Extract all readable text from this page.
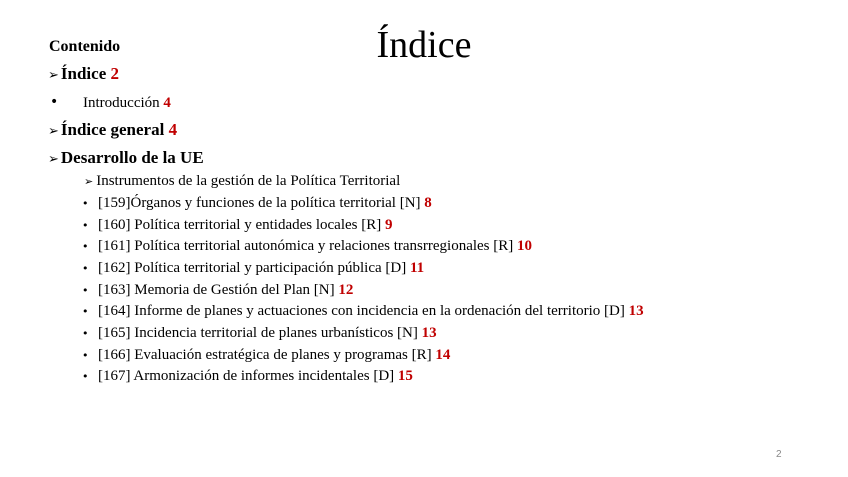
Índice
Contenido
➢ Índice 2
• Introducción 4
➢ Índice general 4
➢ Desarrollo de la UE
➢ Instrumentos de la gestión de la Política Territorial
• [159]Órganos y funciones de la política territorial [N] 8
• [160] Política territorial y entidades locales [R] 9
• [161] Política territorial autonómica y relaciones transrregionales [R] 10
• [162] Política territorial y participación pública [D] 11
• [163] Memoria de Gestión del Plan [N] 12
• [164] Informe de planes y actuaciones con incidencia en la ordenación del territorio [D] 13
• [165] Incidencia territorial de planes urbanísticos [N] 13
• [166] Evaluación estratégica de planes y programas [R] 14
• [167] Armonización de informes incidentales [D] 15
2
